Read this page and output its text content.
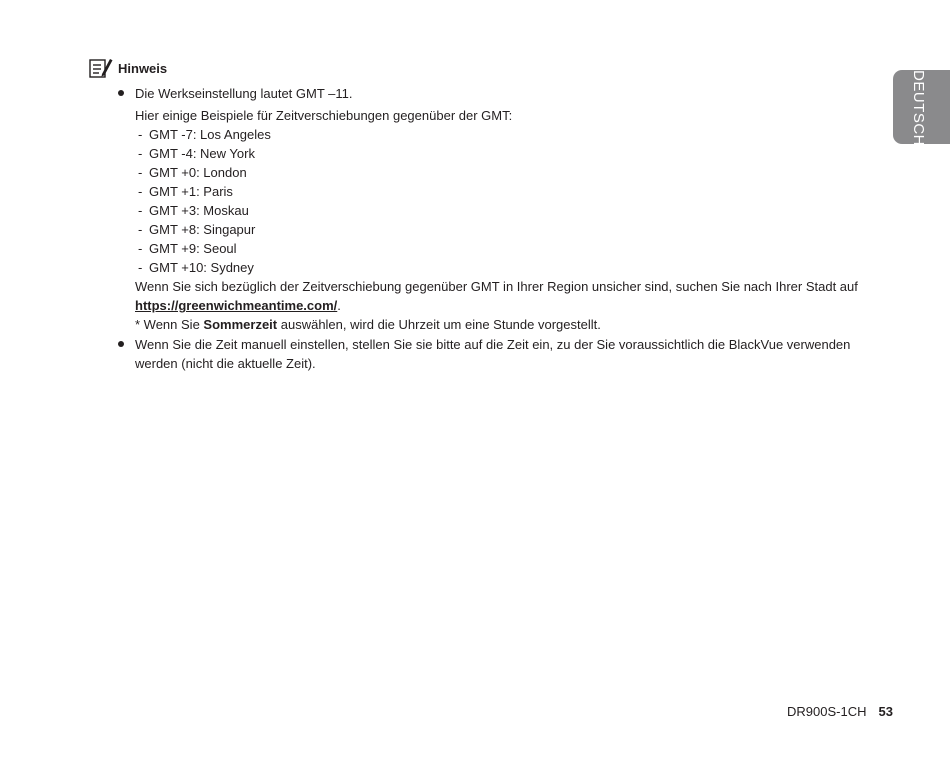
DEUTSCH
Hinweis
Die Werkseinstellung lautet GMT –11.
Hier einige Beispiele für Zeitverschiebungen gegenüber der GMT:
- GMT -7: Los Angeles
- GMT -4: New York
- GMT +0: London
- GMT +1: Paris
- GMT +3: Moskau
- GMT +8: Singapur
- GMT +9: Seoul
- GMT +10: Sydney
Wenn Sie sich bezüglich der Zeitverschiebung gegenüber GMT in Ihrer Region unsicher sind, suchen Sie nach Ihrer Stadt auf
https://greenwichmeantime.com/.
* Wenn Sie Sommerzeit auswählen, wird die Uhrzeit um eine Stunde vorgestellt.
Wenn Sie die Zeit manuell einstellen, stellen Sie sie bitte auf die Zeit ein, zu der Sie voraussichtlich die BlackVue verwenden
werden (nicht die aktuelle Zeit).
DR900S-1CH 53
